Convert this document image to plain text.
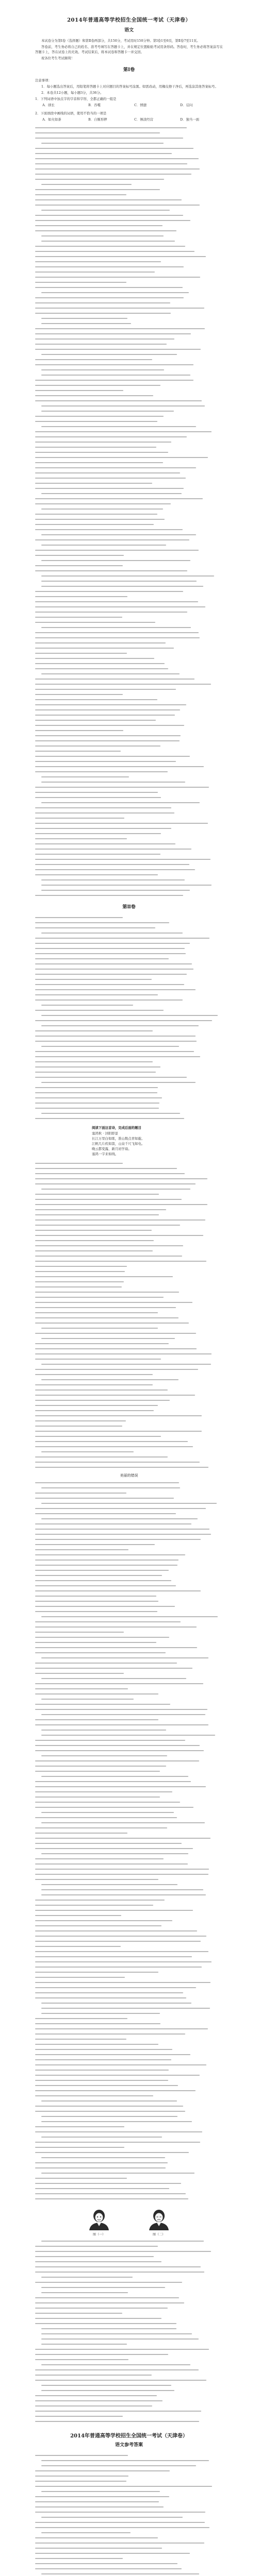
2014年普通高等学校招生全国统一考试（天津卷）
语文

本试卷分为第Ⅰ卷（选择题）和第Ⅱ卷两部分，共150分，考试用时150分钟。第Ⅰ卷1至6页，第Ⅱ卷7至11页。

答卷前，考生务必将自己的姓名、准考号填写在答题卡上，并在规定位置粘贴考试用条形码。答卷时，考生务必将答案涂写在答题卡上，答在试卷上的无效。考试结束后，将本试卷和答题卡一并交回。

祝各位考生考试顺利！

第Ⅰ卷

注意事项：

1．每小题选出答案后，用铅笔将答题卡上对应题目的答案标号涂黑。如需改动，用橡皮擦干净后，再选涂其他答案标号。

2．本卷共12小题，每小题3分，共36分。

1．下列词语中加点字的字音和字形，全都正确的一组是

A．颀长	B．吞噬	C．愤懑	D．诘问

2．下面语段中画线的词语，使用不恰当的一项是

A．如火如荼	B．自惭形秽	C．惨淡经营	D．独当一面
第Ⅱ卷
阅读下面这首诗，完成后面的题目
塞鸿秋 · 浔阳即景
长江万里白如练，淮山数点青如靛。
江帆几片疾如箭，山泉千尺飞如电。
晚云都变露，新月初学扇。
塞鸿一字来如线。
美丽的错误
图（一）	图（二）
2014年普通高等学校招生全国统一考试（天津卷）
语文参考答案
